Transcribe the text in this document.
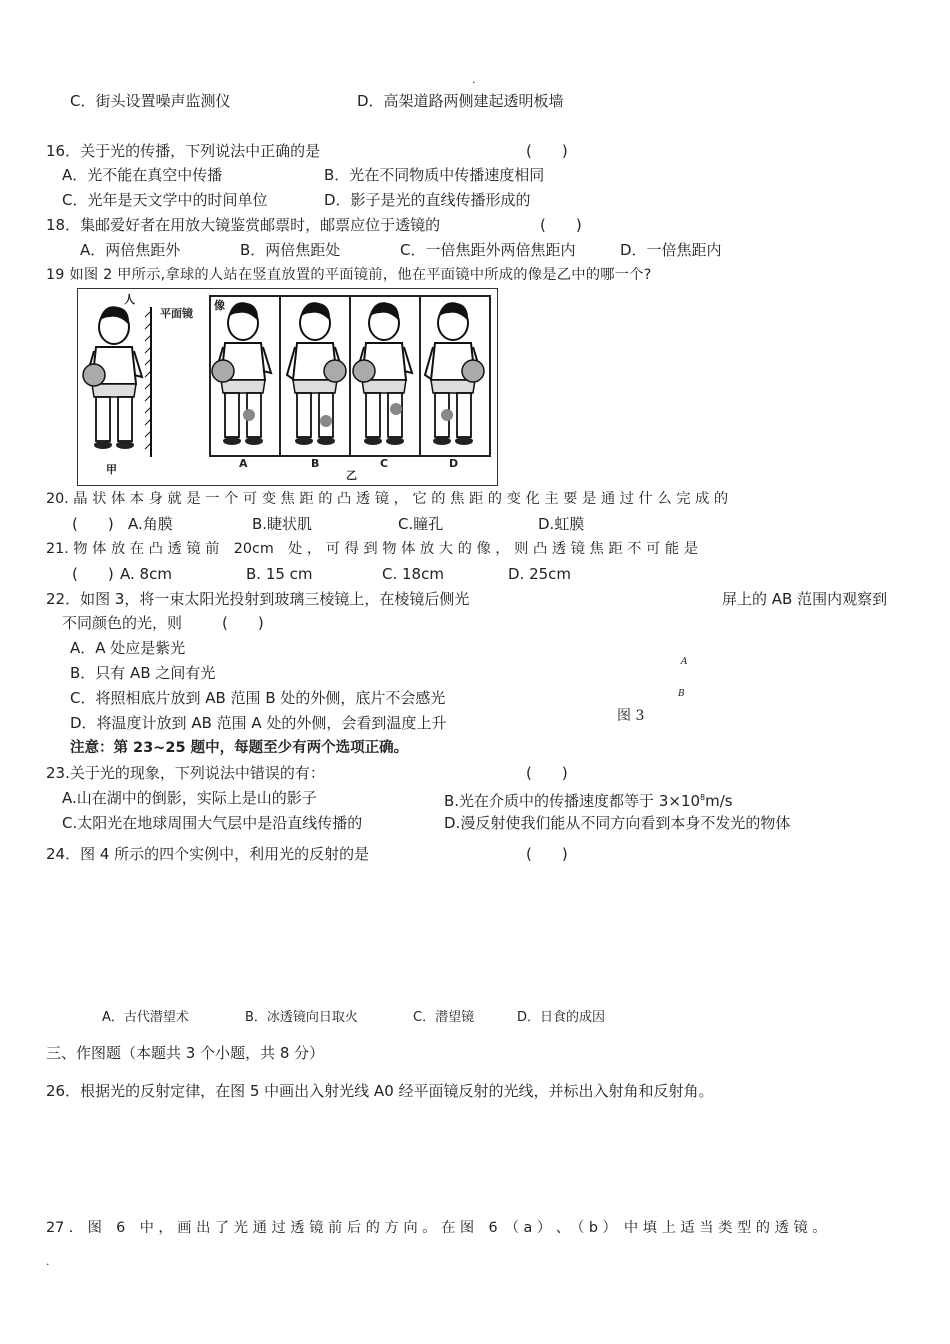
.
C．街头设置噪声监测仪	D．高架道路两侧建起透明板墙
16．关于光的传播，下列说法中正确的是	(　　)
A．光不能在真空中传播	B．光在不同物质中传播速度相同
C．光年是天文学中的时间单位	D．影子是光的直线传播形成的
18．集邮爱好者在用放大镜鉴赏邮票时，邮票应位于透镜的	(　　)
A．两倍焦距外	B．两倍焦距处	C．一倍焦距外两倍焦距内	D．一倍焦距内
19 如图 2 甲所示,拿球的人站在竖直放置的平面镜前，他在平面镜中所成的像是乙中的哪一个?
人
平面镜
像
甲	A	B
乙
C	D
20. 晶 状 体 本 身 就 是 一 个 可 变 焦 距 的 凸 透 镜 ， 它 的 焦 距 的 变 化 主 要 是 通 过 什 么 完 成 的
(　　) A.角膜	B.睫状肌	C.瞳孔	D.虹膜
21. 物 体 放 在 凸 透 镜 前　20cm　处 ， 可 得 到 物 体 放 大 的 像 ， 则 凸 透 镜 焦 距 不 可 能 是
(　　) A. 8cm	B. 15 cm	C. 18cm	D. 25cm
22．如图 3，将一束太阳光投射到玻璃三棱镜上，在棱镜后侧光	屏上的 AB 范围内观察到
不同颜色的光，则	(　　)
A．A 处应是紫光
B．只有 AB 之间有光
C．将照相底片放到 AB 范围 B 处的外侧，底片不会感光
D．将温度计放到 AB 范围 A 处的外侧，会看到温度上升
A
B
图 3
注意：第 23~25 题中，每题至少有两个选项正确。
23.关于光的现象，下列说法中错误的有：	(　　)
A.山在湖中的倒影，实际上是山的影子	B.光在介质中的传播速度都等于 $3\times 10^8m/s$
C.太阳光在地球周围大气层中是沿直线传播的	D.漫反射使我们能从不同方向看到本身不发光的物体
24．图 4 所示的四个实例中，利用光的反射的是	(　　)
A．古代潜望术	B．冰透镜向日取火	C．潜望镜	D．日食的成因
三、作图题（本题共 3 个小题，共 8 分）
26．根据光的反射定律，在图 5 中画出入射光线 A0 经平面镜反射的光线，并标出入射角和反射角。
27 ． 图　6　中 ， 画 出 了 光 通 过 透 镜 前 后 的 方 向 。 在 图　6　（ a ） 、　（ b ）　中 填 上 适 当 类 型 的 透 镜 。
.
